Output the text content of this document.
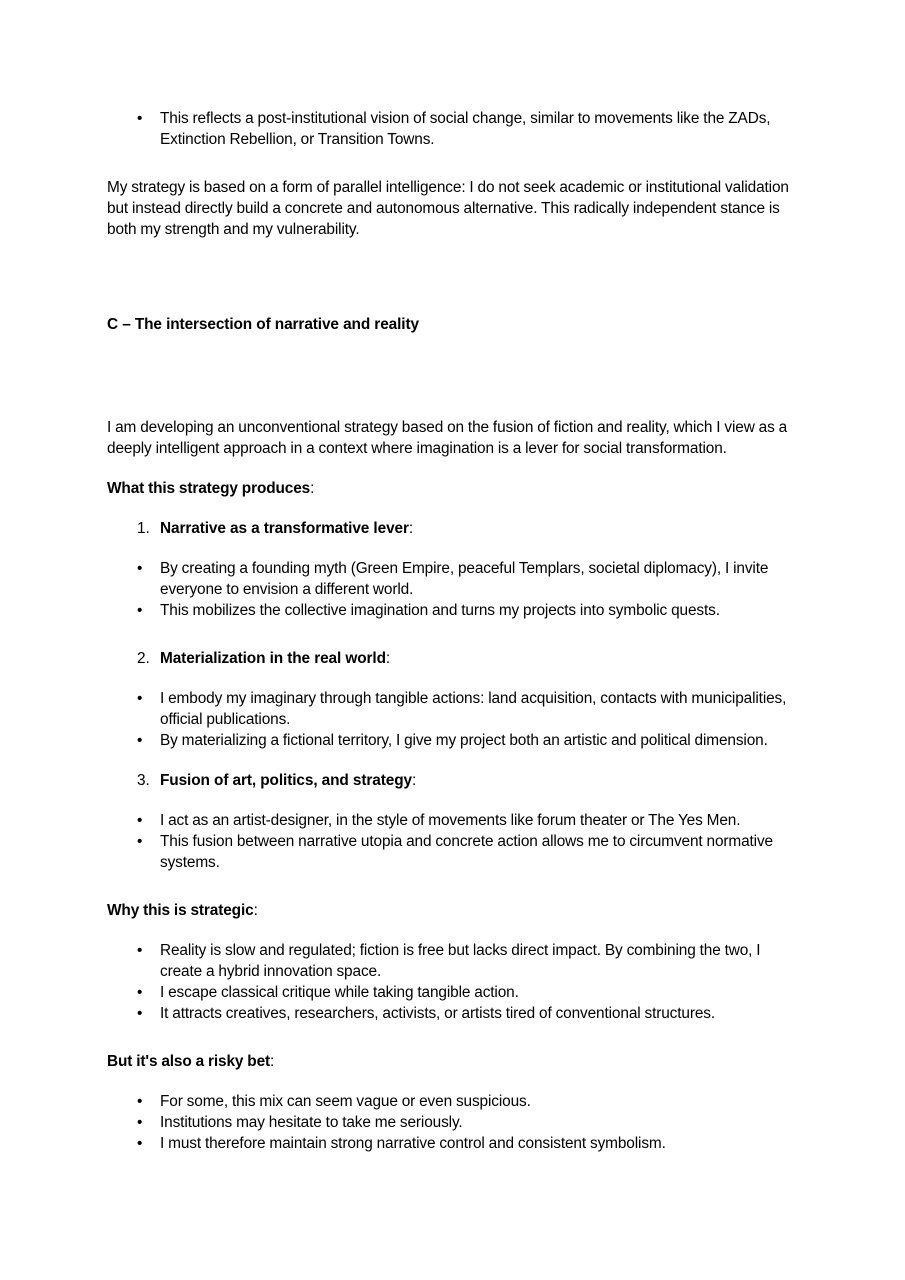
• This reflects a post-institutional vision of social change, similar to movements like the ZADs, Extinction Rebellion, or Transition Towns.

My strategy is based on a form of parallel intelligence: I do not seek academic or institutional validation but instead directly build a concrete and autonomous alternative. This radically independent stance is both my strength and my vulnerability.

C – The intersection of narrative and reality

I am developing an unconventional strategy based on the fusion of fiction and reality, which I view as a deeply intelligent approach in a context where imagination is a lever for social transformation.

What this strategy produces:

Narrative as a transformative lever:
• By creating a founding myth (Green Empire, peaceful Templars, societal diplomacy), I invite everyone to envision a different world.
• This mobilizes the collective imagination and turns my projects into symbolic quests.
Materialization in the real world:
• I embody my imaginary through tangible actions: land acquisition, contacts with municipalities, official publications.
• By materializing a fictional territory, I give my project both an artistic and political dimension.
Fusion of art, politics, and strategy:
• I act as an artist-designer, in the style of movements like forum theater or The Yes Men.
• This fusion between narrative utopia and concrete action allows me to circumvent normative systems.

Why this is strategic:

• Reality is slow and regulated; fiction is free but lacks direct impact. By combining the two, I create a hybrid innovation space.
• I escape classical critique while taking tangible action.
• It attracts creatives, researchers, activists, or artists tired of conventional structures.

But it's also a risky bet:

• For some, this mix can seem vague or even suspicious.
• Institutions may hesitate to take me seriously.
• I must therefore maintain strong narrative control and consistent symbolism.
